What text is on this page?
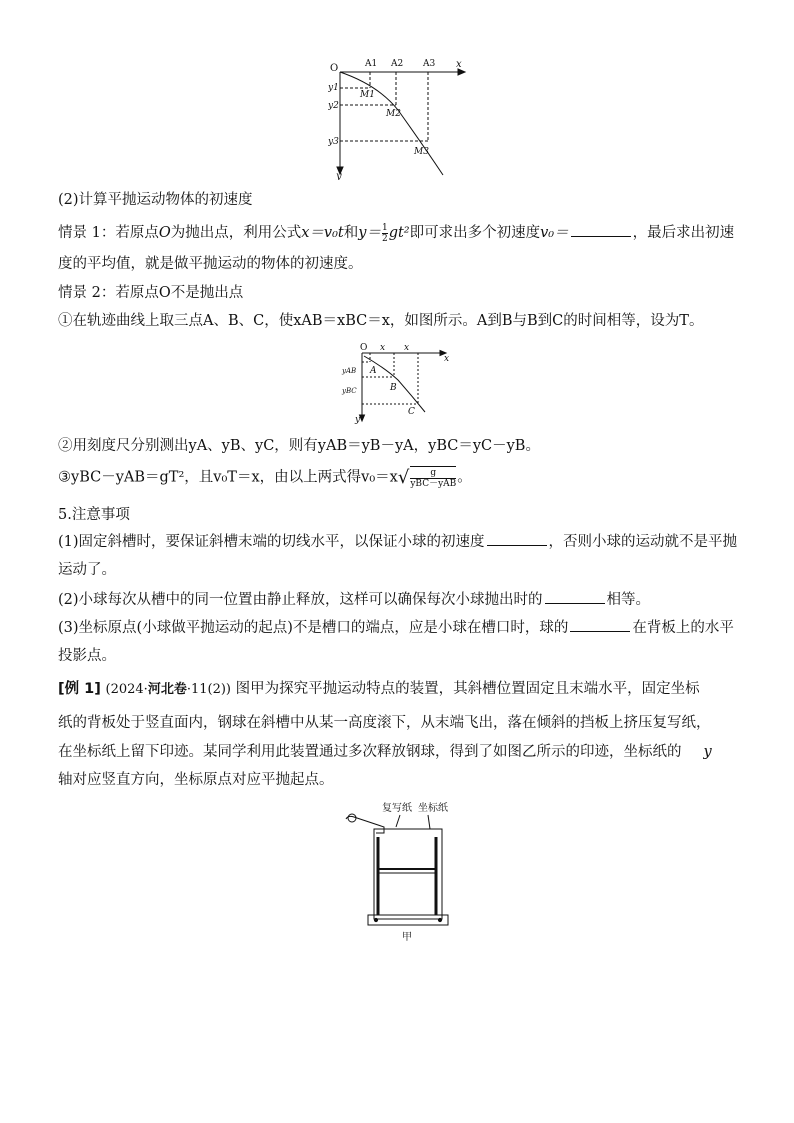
O	x
y
A1 A2 A3
y1
y2
y3
M1
M2
M3
(2)计算平抛运动物体的初速度
情景 1：若原点O为抛出点，利用公式x＝v₀t和$y= \frac{1}{2} gt^2$即可求出多个初速度v₀＝	，最后求出初速
度的平均值，就是做平抛运动的物体的初速度。
情景 2：若原点O不是抛出点
①在轨迹曲线上取三点A、B、C，使xAB＝xBC＝x，如图所示。A到B与B到C的时间相等，设为T。
O
x
y
x x
A
B
C
yAB
yBC
②用刻度尺分别测出yA、yB、yC，则有yAB＝yB－yA，yBC＝yC－yB。
③yBC－yAB＝gT²，且v₀T＝x，由以上两式得$v_0=x√ \frac{g}{\text{yBC－yAB}}$ 。
5.注意事项
(1)固定斜槽时，要保证斜槽末端的切线水平，以保证小球的初速度	，否则小球的运动就不是平抛
运动了。
(2)小球每次从槽中的同一位置由静止释放，这样可以确保每次小球抛出时的	相等。
(3)坐标原点(小球做平抛运动的起点)不是槽口的端点，应是小球在槽口时，球的	在背板上的水平
投影点。
[例 1] (2024·河北卷·11(2)) 图甲为探究平抛运动特点的装置，其斜槽位置固定且末端水平，固定坐标
纸的背板处于竖直面内，钢球在斜槽中从某一高度滚下，从末端飞出，落在倾斜的挡板上挤压复写纸，
在坐标纸上留下印迹。某同学利用此装置通过多次释放钢球，得到了如图乙所示的印迹，坐标纸的 y
轴对应竖直方向，坐标原点对应平抛起点。
复写纸 坐标纸
甲
